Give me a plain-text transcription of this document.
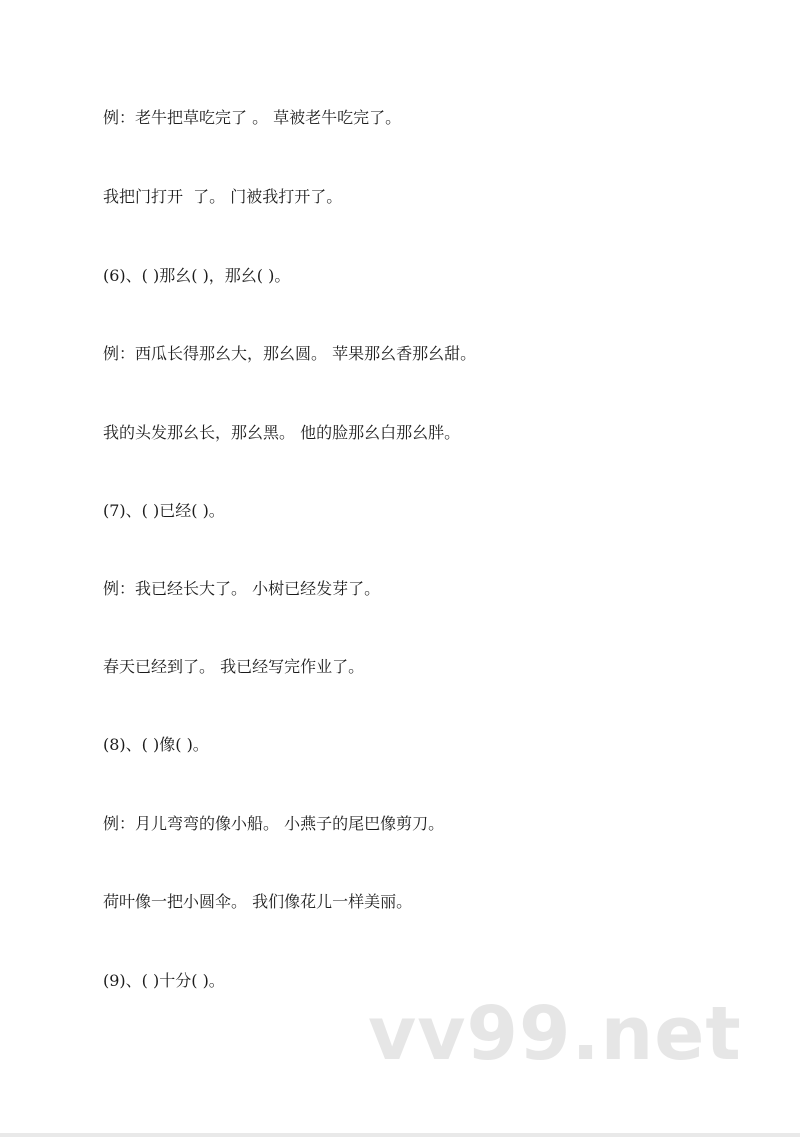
例：老牛把草吃完了 。 草被老牛吃完了。

我把门打开  了。 门被我打开了。

(6)、( )那幺( )，那幺( )。

例：西瓜长得那幺大，那幺圆。 苹果那幺香那幺甜。

我的头发那幺长，那幺黑。 他的脸那幺白那幺胖。

(7)、( )已经( )。

例：我已经长大了。 小树已经发芽了。

春天已经到了。 我已经写完作业了。

(8)、( )像( )。

例：月儿弯弯的像小船。 小燕子的尾巴像剪刀。

荷叶像一把小圆伞。 我们像花儿一样美丽。

(9)、( )十分( )。

vv99.net
